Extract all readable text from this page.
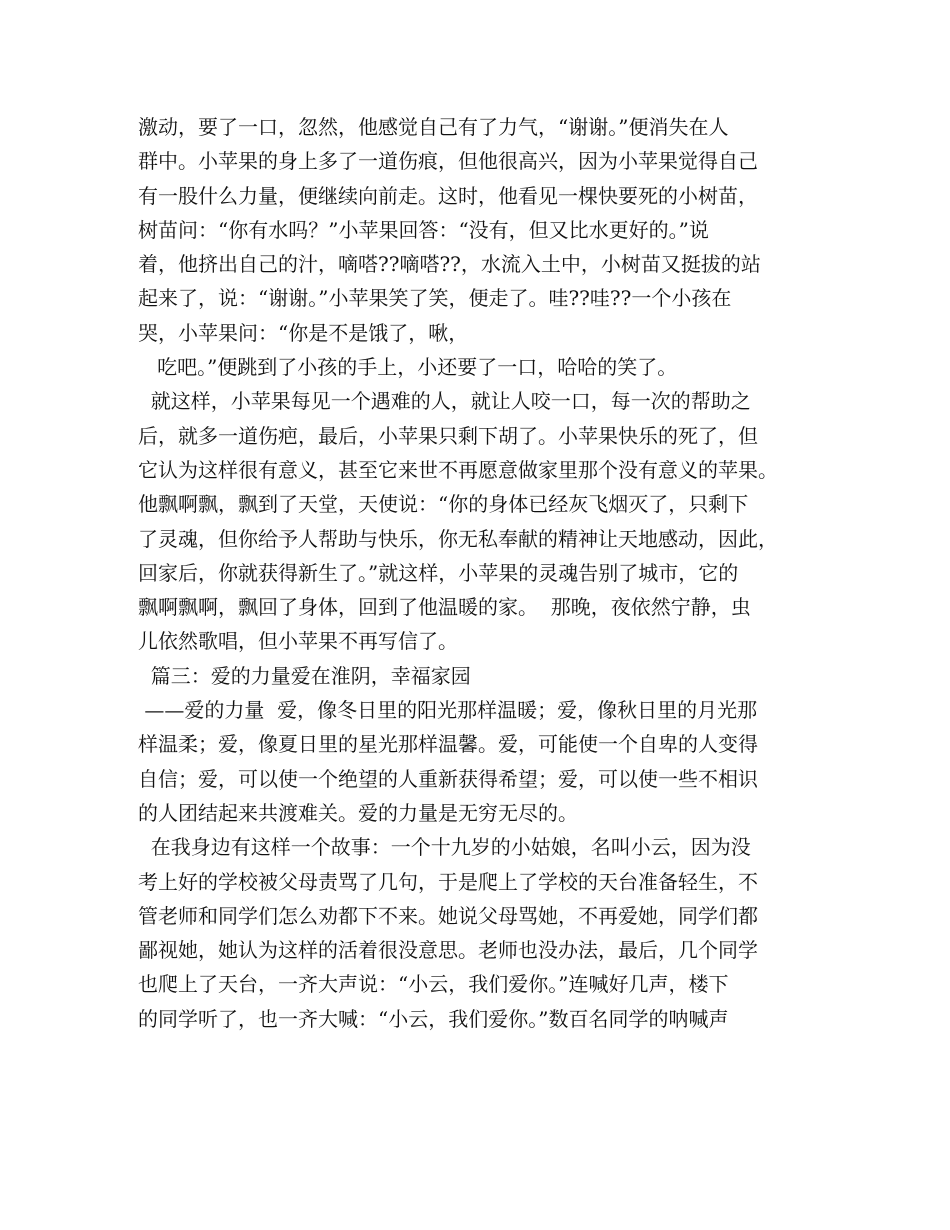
激动，要了一口，忽然，他感觉自己有了力气，“谢谢。”便消失在人
群中。小苹果的身上多了一道伤痕，但他很高兴，因为小苹果觉得自己
有一股什么力量，便继续向前走。这时，他看见一棵快要死的小树苗，
树苗问：“你有水吗？”小苹果回答：“没有，但又比水更好的。”说
着，他挤出自己的汁，嘀嗒??嘀嗒??，水流入土中，小树苗又挺拔的站
起来了，说：“谢谢。”小苹果笑了笑，便走了。哇??哇??一个小孩在
哭，小苹果问：“你是不是饿了，啾，
吃吧。”便跳到了小孩的手上，小还要了一口，哈哈的笑了。
就这样，小苹果每见一个遇难的人，就让人咬一口，每一次的帮助之
后，就多一道伤疤，最后，小苹果只剩下胡了。小苹果快乐的死了，但
它认为这样很有意义，甚至它来世不再愿意做家里那个没有意义的苹果。
他飘啊飘，飘到了天堂，天使说：“你的身体已经灰飞烟灭了，只剩下
了灵魂，但你给予人帮助与快乐，你无私奉献的精神让天地感动，因此，
回家后，你就获得新生了。”就这样，小苹果的灵魂告别了城市，它的
飘啊飘啊，飘回了身体，回到了他温暖的家。  那晚，夜依然宁静，虫
儿依然歌唱，但小苹果不再写信了。
篇三：爱的力量爱在淮阴，幸福家园
——爱的力量  爱，像冬日里的阳光那样温暖；爱，像秋日里的月光那
样温柔；爱，像夏日里的星光那样温馨。爱，可能使一个自卑的人变得
自信；爱，可以使一个绝望的人重新获得希望；爱，可以使一些不相识
的人团结起来共渡难关。爱的力量是无穷无尽的。
在我身边有这样一个故事：一个十九岁的小姑娘，名叫小云，因为没
考上好的学校被父母责骂了几句，于是爬上了学校的天台准备轻生，不
管老师和同学们怎么劝都下不来。她说父母骂她，不再爱她，同学们都
鄙视她，她认为这样的活着很没意思。老师也没办法，最后，几个同学
也爬上了天台，一齐大声说：“小云，我们爱你。”连喊好几声，楼下
的同学听了，也一齐大喊：“小云，我们爱你。”数百名同学的呐喊声
